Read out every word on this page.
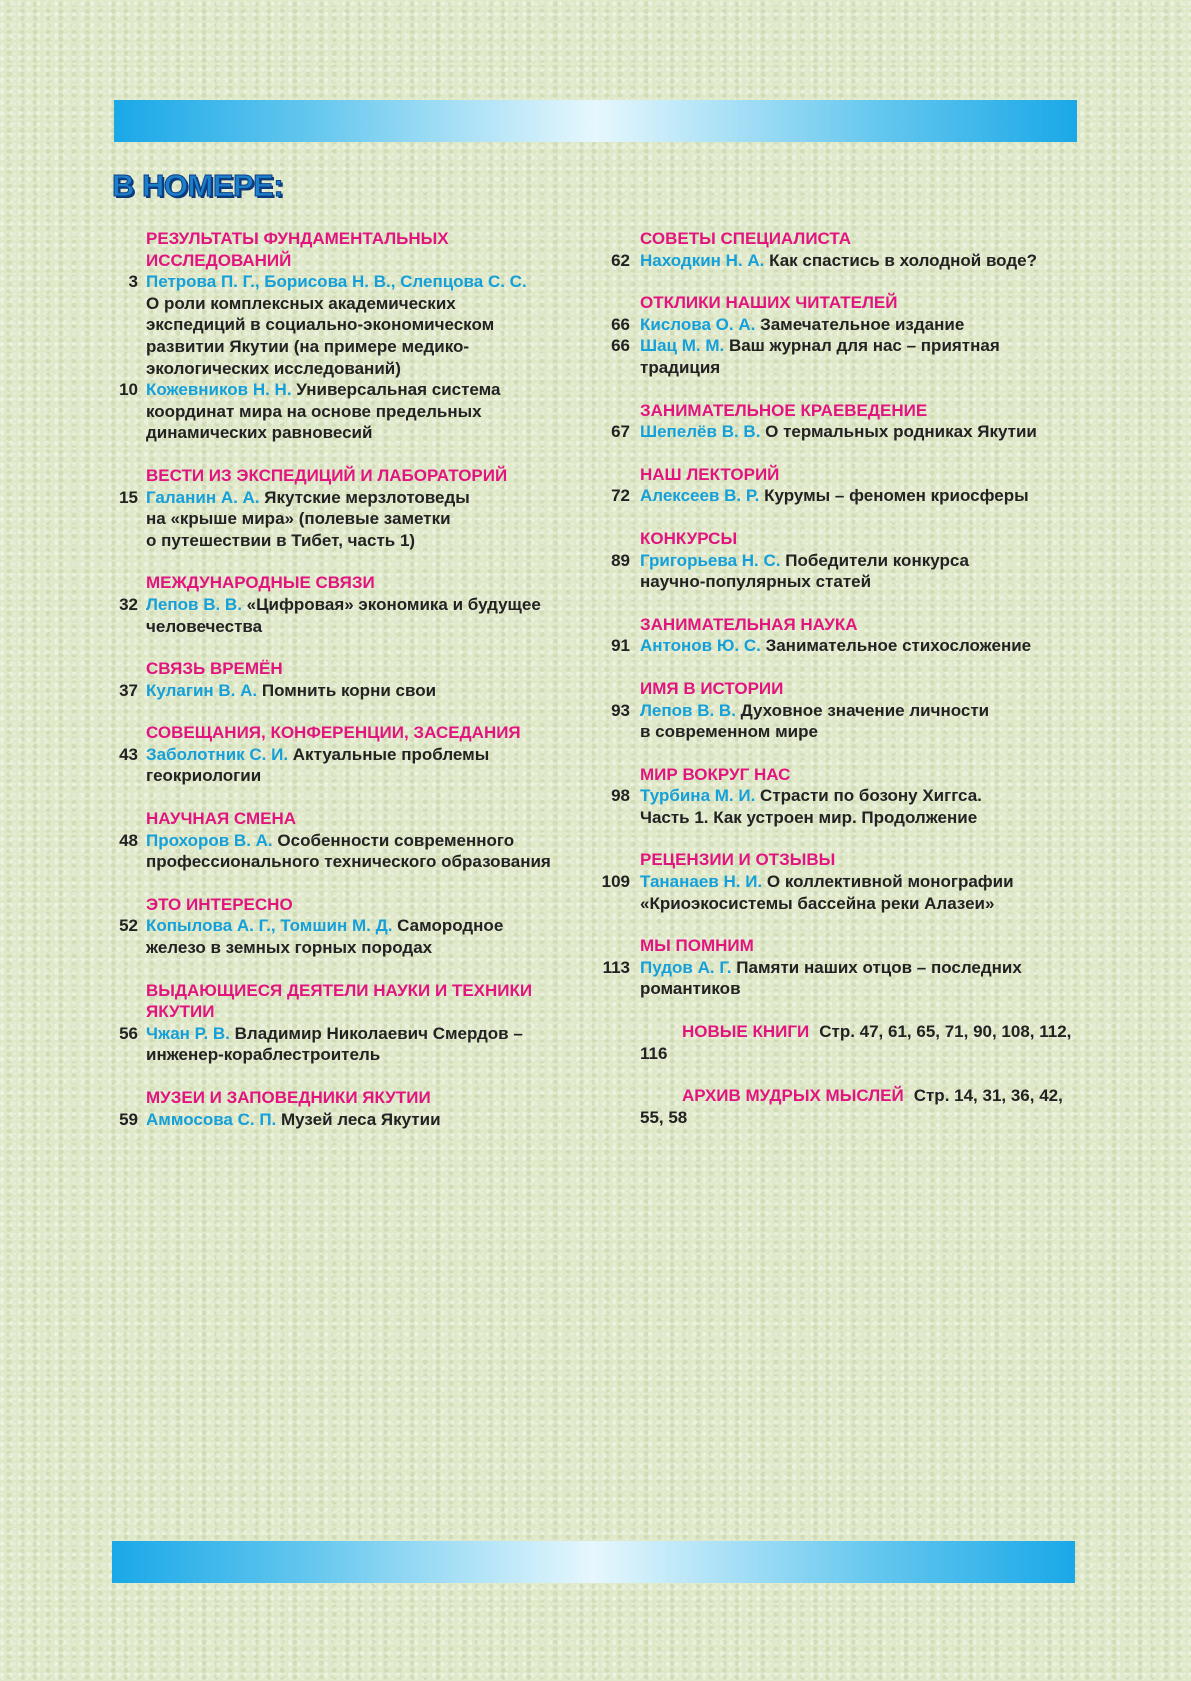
В НОМЕРЕ:
РЕЗУЛЬТАТЫ ФУНДАМЕНТАЛЬНЫХ
ИССЛЕДОВАНИЙ
3 Петрова П. Г., Борисова Н. В., Слепцова С. С.
О роли комплексных академических
экспедиций в социально-экономическом
развитии Якутии (на примере медико-
экологических исследований)
10 Кожевников Н. Н. Универсальная система
координат мира на основе предельных
динамических равновесий
ВЕСТИ ИЗ ЭКСПЕДИЦИЙ И ЛАБОРАТОРИЙ
15 Галанин А. А. Якутские мерзлотоведы
на «крыше мира» (полевые заметки
о путешествии в Тибет, часть 1)
МЕЖДУНАРОДНЫЕ СВЯЗИ
32 Лепов В. В. «Цифровая» экономика и будущее
человечества
СВЯЗЬ ВРЕМЁН
37 Кулагин В. А. Помнить корни свои
СОВЕЩАНИЯ, КОНФЕРЕНЦИИ, ЗАСЕДАНИЯ
43 Заболотник С. И. Актуальные проблемы
геокриологии
НАУЧНАЯ СМЕНА
48 Прохоров В. А. Особенности современного
профессионального технического образования
ЭТО ИНТЕРЕСНО
52 Копылова А. Г., Томшин М. Д. Самородное
железо в земных горных породах
ВЫДАЮЩИЕСЯ ДЕЯТЕЛИ НАУКИ И ТЕХНИКИ
ЯКУТИИ
56 Чжан Р. В. Владимир Николаевич Смердов –
инженер-кораблестроитель
МУЗЕИ И ЗАПОВЕДНИКИ ЯКУТИИ
59 Аммосова С. П. Музей леса Якутии
СОВЕТЫ СПЕЦИАЛИСТА
62 Находкин Н. А. Как спастись в холодной воде?
ОТКЛИКИ НАШИХ ЧИТАТЕЛЕЙ
66 Кислова О. А. Замечательное издание
66 Шац М. М. Ваш журнал для нас – приятная
традиция
ЗАНИМАТЕЛЬНОЕ КРАЕВЕДЕНИЕ
67 Шепелёв В. В. О термальных родниках Якутии
НАШ ЛЕКТОРИЙ
72 Алексеев В. Р. Курумы – феномен криосферы
КОНКУРСЫ
89 Григорьева Н. С. Победители конкурса
научно-популярных статей
ЗАНИМАТЕЛЬНАЯ НАУКА
91 Антонов Ю. С. Занимательное стихосложение
ИМЯ В ИСТОРИИ
93 Лепов В. В. Духовное значение личности
в современном мире
МИР ВОКРУГ НАС
98 Турбина М. И. Страсти по бозону Хиггса.
Часть 1. Как устроен мир. Продолжение
РЕЦЕНЗИИ И ОТЗЫВЫ
109 Тананаев Н. И. О коллективной монографии
«Криоэкосистемы бассейна реки Алазеи»
МЫ ПОМНИМ
113 Пудов А. Г. Памяти наших отцов – последних
романтиков
НОВЫЕ КНИГИ Стр. 47, 61, 65, 71, 90, 108, 112, 116
АРХИВ МУДРЫХ МЫСЛЕЙ Стр. 14, 31, 36, 42, 55, 58
